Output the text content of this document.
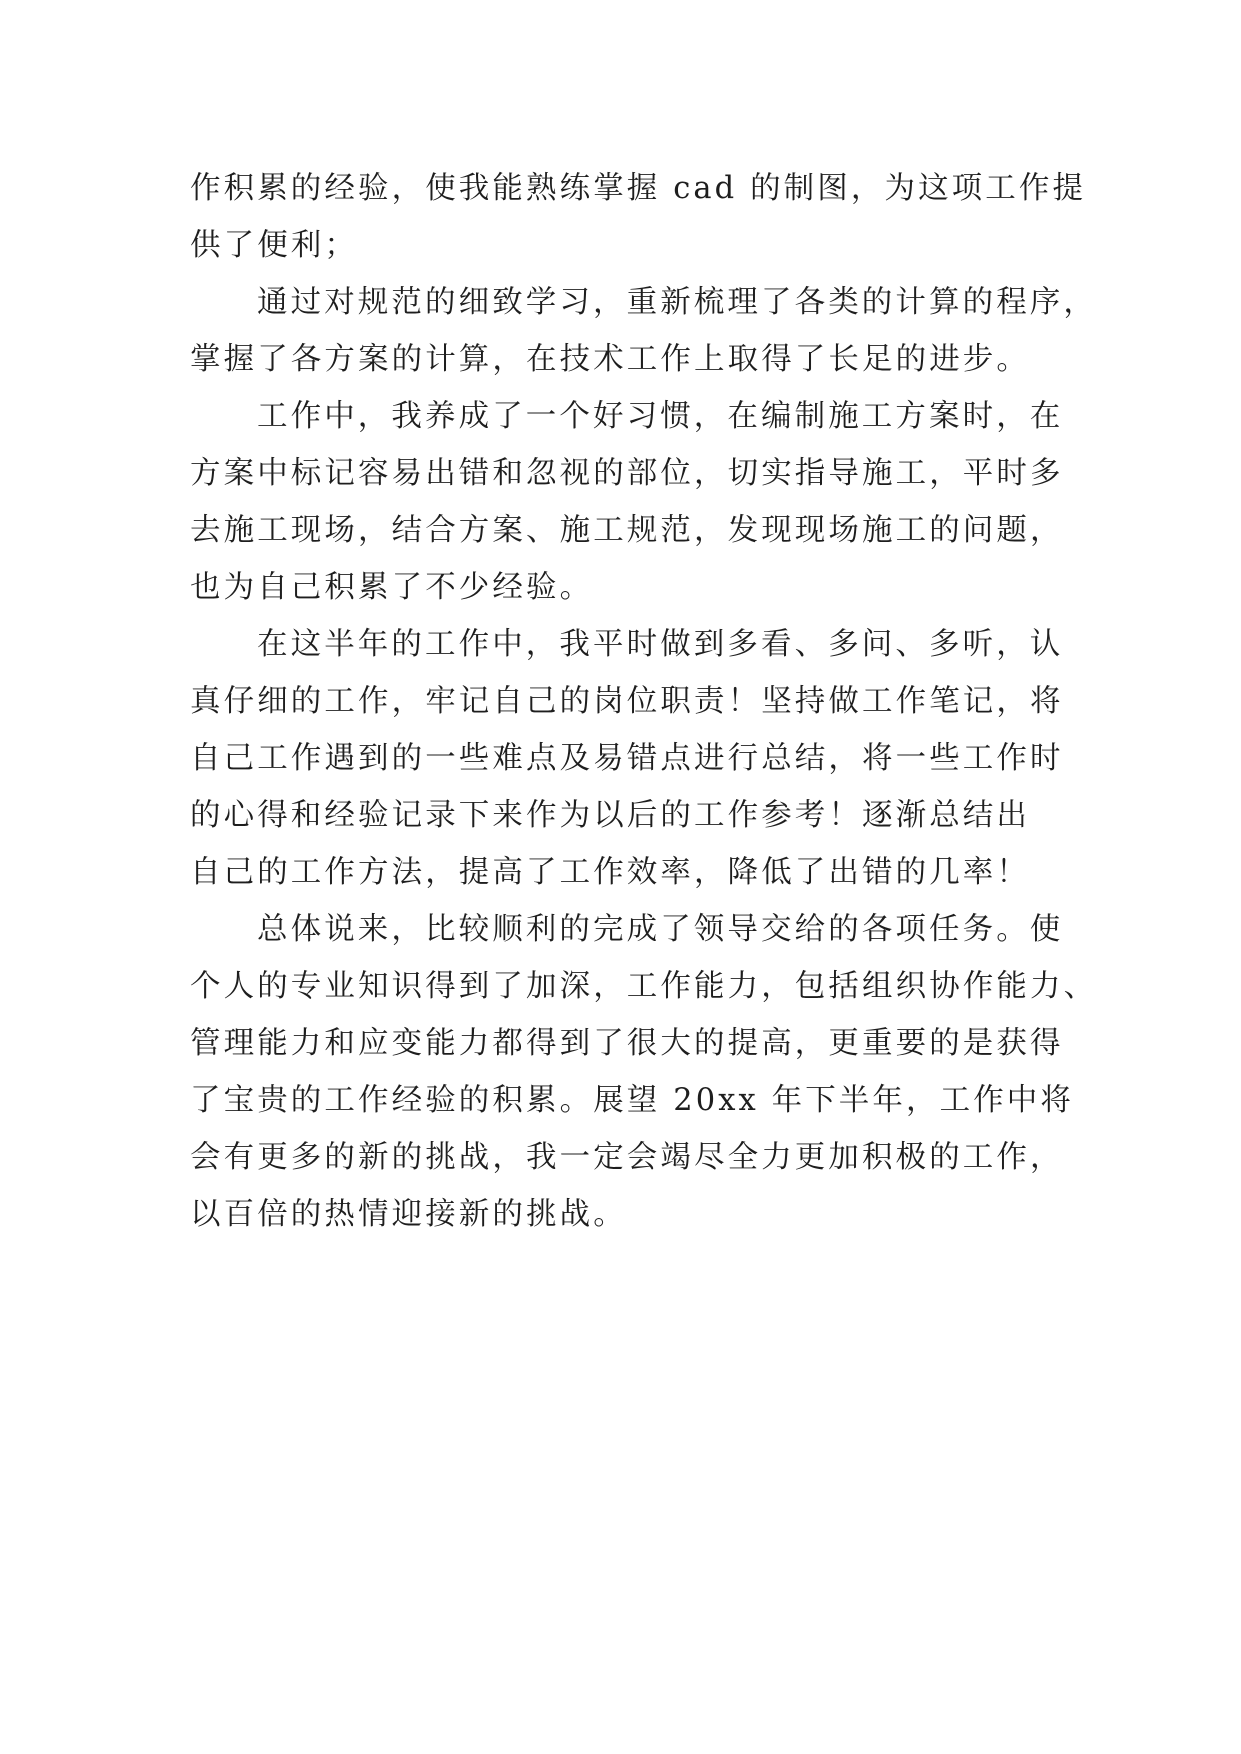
作积累的经验，使我能熟练掌握 cad 的制图，为这项工作提
供了便利；
通过对规范的细致学习，重新梳理了各类的计算的程序，
掌握了各方案的计算，在技术工作上取得了长足的进步。
工作中，我养成了一个好习惯，在编制施工方案时，在
方案中标记容易出错和忽视的部位，切实指导施工，平时多
去施工现场，结合方案、施工规范，发现现场施工的问题，
也为自己积累了不少经验。
在这半年的工作中，我平时做到多看、多问、多听，认
真仔细的工作，牢记自己的岗位职责！坚持做工作笔记，将
自己工作遇到的一些难点及易错点进行总结，将一些工作时
的心得和经验记录下来作为以后的工作参考！逐渐总结出
自己的工作方法，提高了工作效率，降低了出错的几率！
总体说来，比较顺利的完成了领导交给的各项任务。使
个人的专业知识得到了加深，工作能力，包括组织协作能力、
管理能力和应变能力都得到了很大的提高，更重要的是获得
了宝贵的工作经验的积累。展望 20xx 年下半年，工作中将
会有更多的新的挑战，我一定会竭尽全力更加积极的工作，
以百倍的热情迎接新的挑战。
